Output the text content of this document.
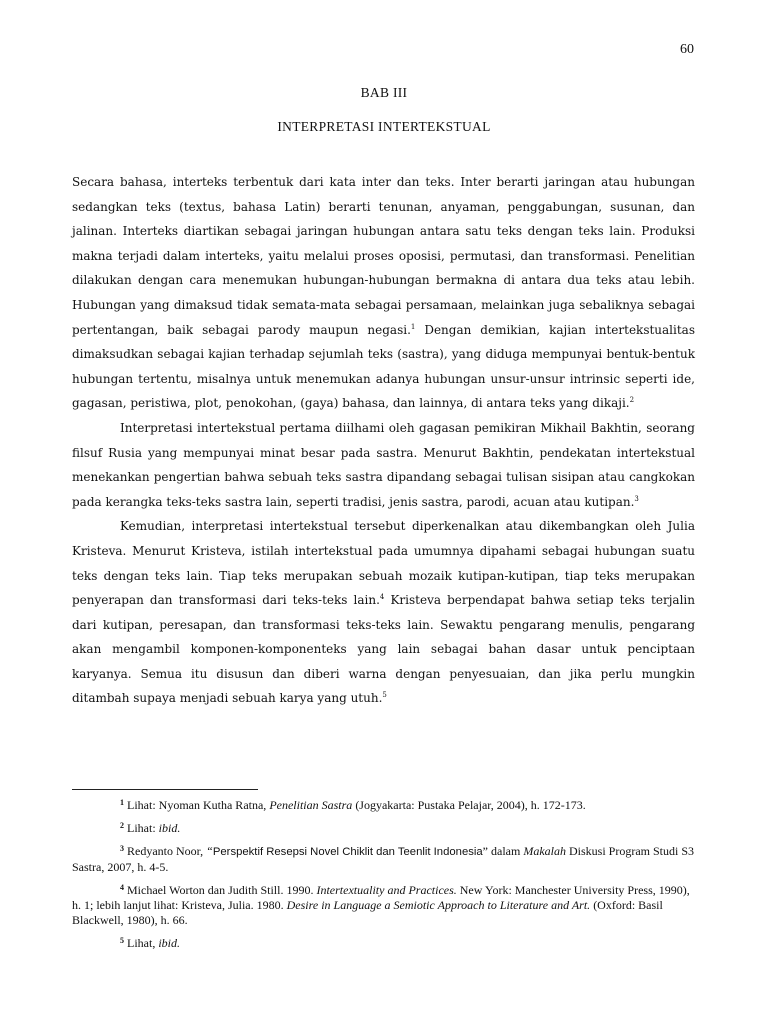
60
BAB III
INTERPRETASI INTERTEKSTUAL

Secara bahasa, interteks terbentuk dari kata inter dan teks. Inter berarti jaringan atau hubungan sedangkan teks (textus, bahasa Latin) berarti tenunan, anyaman, penggabungan, susunan, dan jalinan. Interteks diartikan sebagai jaringan hubungan antara satu teks dengan teks lain. Produksi makna terjadi dalam interteks, yaitu melalui proses oposisi, permutasi, dan transformasi. Penelitian dilakukan dengan cara menemukan hubungan-hubungan bermakna di antara dua teks atau lebih. Hubungan yang dimaksud tidak semata-mata sebagai persamaan, melainkan juga sebaliknya sebagai pertentangan, baik sebagai parody maupun negasi.$^1$ Dengan demikian, kajian intertekstualitas dimaksudkan sebagai kajian terhadap sejumlah teks (sastra), yang diduga mempunyai bentuk-bentuk hubungan tertentu, misalnya untuk menemukan adanya hubungan unsur-unsur intrinsic seperti ide, gagasan, peristiwa, plot, penokohan, (gaya) bahasa, dan lainnya, di antara teks yang dikaji.$^2$

Interpretasi intertekstual pertama diilhami oleh gagasan pemikiran Mikhail Bakhtin, seorang filsuf Rusia yang mempunyai minat besar pada sastra. Menurut Bakhtin, pendekatan intertekstual menekankan pengertian bahwa sebuah teks sastra dipandang sebagai tulisan sisipan atau cangkokan pada kerangka teks-teks sastra lain, seperti tradisi, jenis sastra, parodi, acuan atau kutipan.$^3$

Kemudian, interpretasi intertekstual tersebut diperkenalkan atau dikembangkan oleh Julia Kristeva. Menurut Kristeva, istilah intertekstual pada umumnya dipahami sebagai hubungan suatu teks dengan teks lain. Tiap teks merupakan sebuah mozaik kutipan-kutipan, tiap teks merupakan penyerapan dan transformasi dari teks-teks lain.$^4$ Kristeva berpendapat bahwa setiap teks terjalin dari kutipan, peresapan, dan transformasi teks-teks lain. Sewaktu pengarang menulis, pengarang akan mengambil komponen-komponenteks yang lain sebagai bahan dasar untuk penciptaan karyanya. Semua itu disusun dan diberi warna dengan penyesuaian, dan jika perlu mungkin ditambah supaya menjadi sebuah karya yang utuh.$^5$

$^1$ Lihat: Nyoman Kutha Ratna, Penelitian Sastra (Jogyakarta: Pustaka Pelajar, 2004), h. 172-173.

$^2$ Lihat: ibid.

$^3$ Redyanto Noor, “Perspektif Resepsi Novel Chiklit dan Teenlit Indonesia” dalam Makalah Diskusi Program Studi S3 Sastra, 2007, h. 4-5.

$^4$ Michael Worton dan Judith Still. 1990. Intertextuality and Practices. New York: Manchester University Press, 1990), h. 1; lebih lanjut lihat: Kristeva, Julia. 1980. Desire in Language a Semiotic Approach to Literature and Art. (Oxford: Basil Blackwell, 1980), h. 66.

$^5$ Lihat, ibid.
